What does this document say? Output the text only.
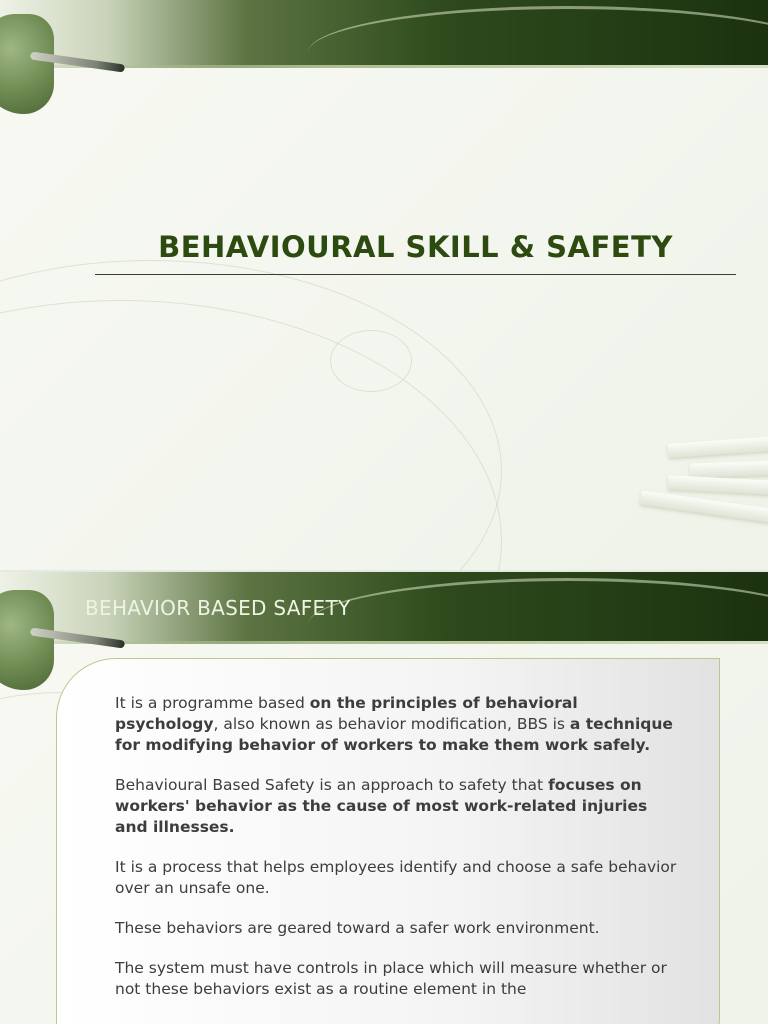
BEHAVIOURAL SKILL & SAFETY
BEHAVIOR BASED SAFETY

It is a programme based on the principles of behavioral psychology, also known as behavior modification, BBS is a technique for modifying behavior of workers to make them work safely.

Behavioural Based Safety is an approach to safety that focuses on workers' behavior as the cause of most work-related injuries and illnesses.

It is a process that helps employees identify and choose a safe behavior over an unsafe one.

These behaviors are geared toward a safer work environment.

The system must have controls in place which will measure whether or not these behaviors exist as a routine element in the
